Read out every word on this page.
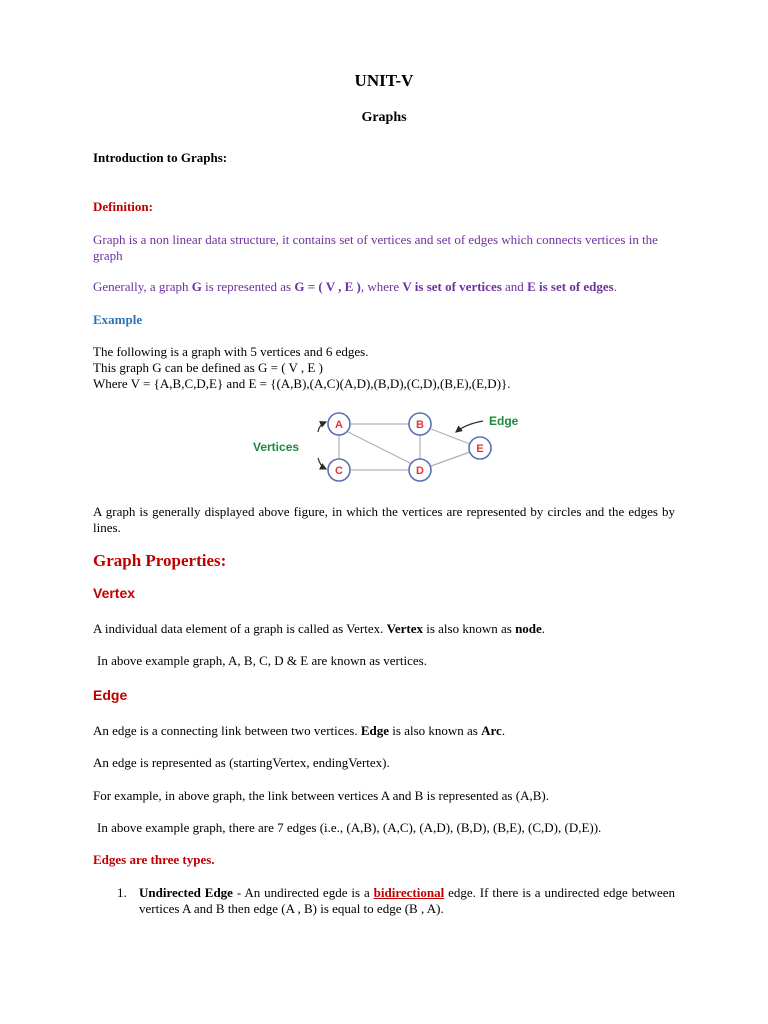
UNIT-V
Graphs
Introduction to Graphs:
Definition:
Graph is a non linear data structure, it contains set of vertices and set of edges which connects vertices in the graph
Generally, a graph G is represented as G = ( V , E ), where V is set of vertices and E is set of edges.
Example
The following is a graph with 5 vertices and 6 edges.
This graph G can be defined as G = ( V , E )
Where V = {A,B,C,D,E} and E = {(A,B),(A,C)(A,D),(B,D),(C,D),(B,E),(E,D)}.
Vertices
Edge
A	B
C	D
E
A graph is generally displayed above figure, in which the vertices are represented by circles and the edges by lines.
Graph Properties:
Vertex
A individual data element of a graph is called as Vertex. Vertex is also known as node.
In above example graph, A, B, C, D & E are known as vertices.
Edge
An edge is a connecting link between two vertices. Edge is also known as Arc.
An edge is represented as (startingVertex, endingVertex).
For example, in above graph, the link between vertices A and B is represented as (A,B).
In above example graph, there are 7 edges (i.e., (A,B), (A,C), (A,D), (B,D), (B,E), (C,D), (D,E)).
Edges are three types.
1. Undirected Edge - An undirected egde is a bidirectional edge. If there is a undirected edge between vertices A and B then edge (A , B) is equal to edge (B , A).
